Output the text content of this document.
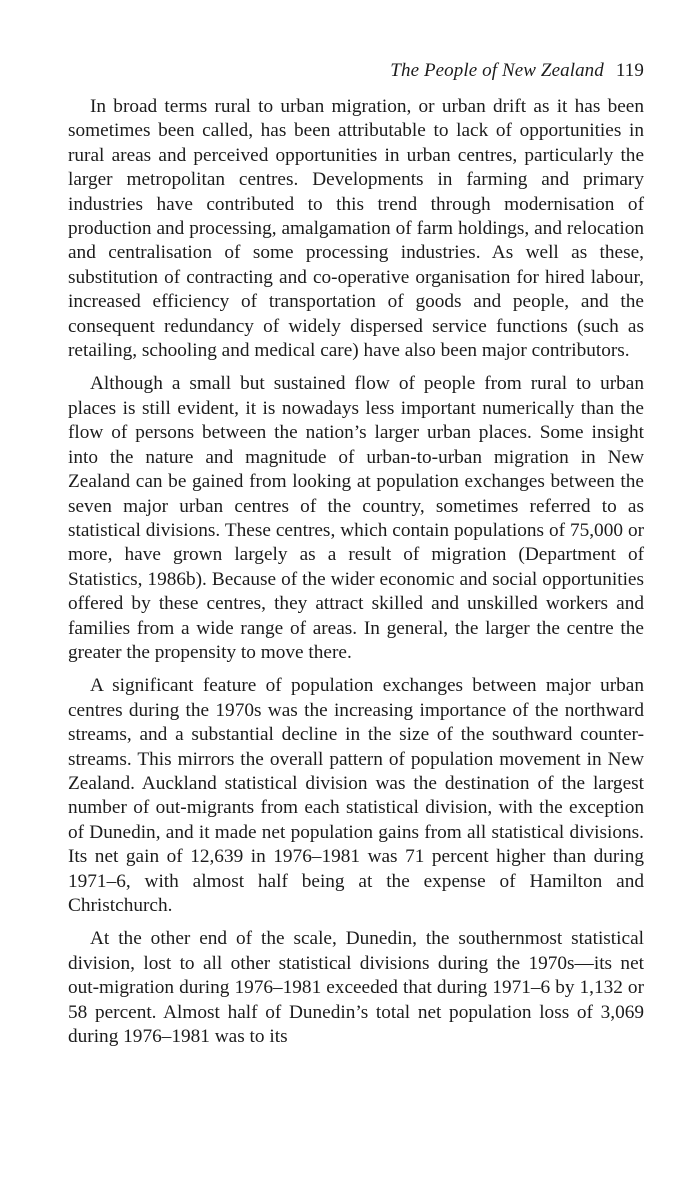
The People of New Zealand 119

In broad terms rural to urban migration, or urban drift as it has been sometimes been called, has been attributable to lack of opportunities in rural areas and perceived opportunities in urban centres, particularly the larger metropolitan centres. Developments in farming and primary industries have contributed to this trend through modernisation of production and processing, amalgamation of farm holdings, and relocation and centralisation of some processing industries. As well as these, substitution of contracting and co-operative organisation for hired labour, increased efficiency of transportation of goods and people, and the consequent redundancy of widely dispersed service functions (such as retailing, schooling and medical care) have also been major contributors.

Although a small but sustained flow of people from rural to urban places is still evident, it is nowadays less important numerically than the flow of persons between the nation’s larger urban places. Some insight into the nature and magnitude of urban-to-urban migration in New Zealand can be gained from looking at population exchanges between the seven major urban centres of the country, sometimes referred to as statistical divisions. These centres, which contain populations of 75,000 or more, have grown largely as a result of migration (Department of Statistics, 1986b). Because of the wider economic and social opportunities offered by these centres, they attract skilled and unskilled workers and families from a wide range of areas. In general, the larger the centre the greater the propensity to move there.

A significant feature of population exchanges between major urban centres during the 1970s was the increasing importance of the northward streams, and a substantial decline in the size of the southward counter-streams. This mirrors the overall pattern of population movement in New Zealand. Auckland statistical division was the destination of the largest number of out-migrants from each statistical division, with the exception of Dunedin, and it made net population gains from all statistical divisions. Its net gain of 12,639 in 1976–1981 was 71 percent higher than during 1971–6, with almost half being at the expense of Hamilton and Christchurch.

At the other end of the scale, Dunedin, the southernmost statistical division, lost to all other statistical divisions during the 1970s—its net out-migration during 1976–1981 exceeded that during 1971–6 by 1,132 or 58 percent. Almost half of Dunedin’s total net population loss of 3,069 during 1976–1981 was to its
